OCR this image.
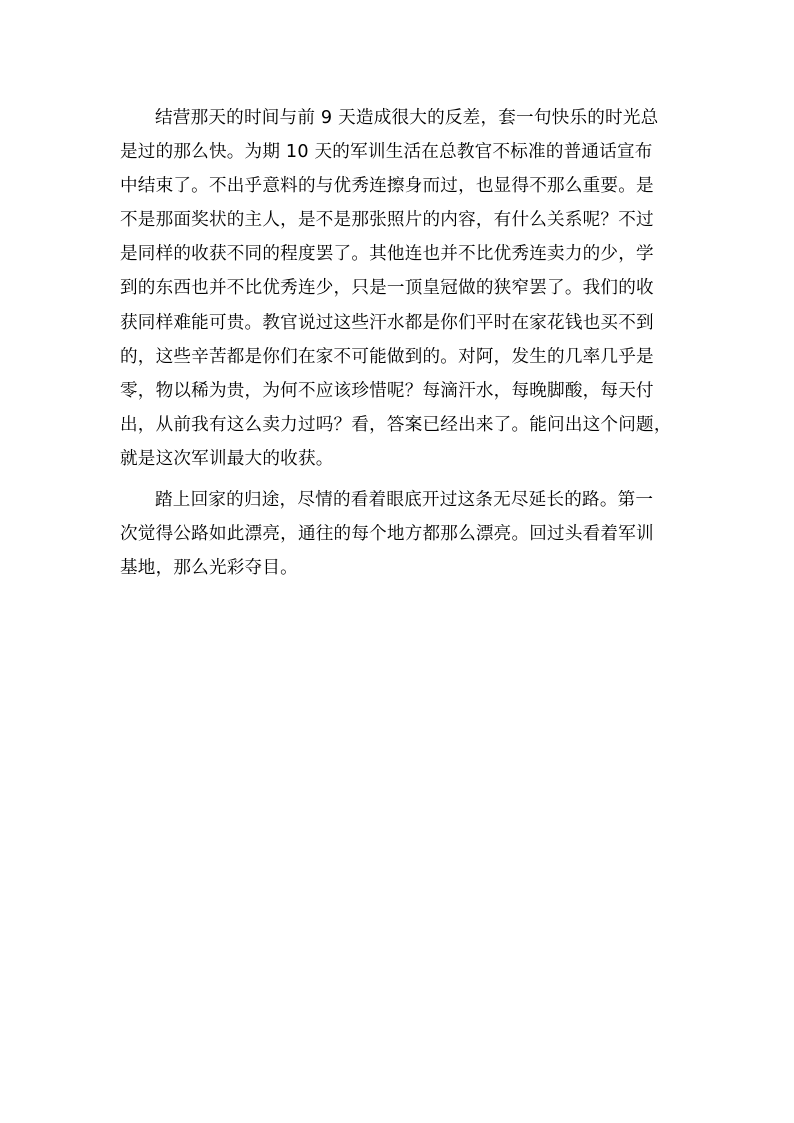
结营那天的时间与前 9 天造成很大的反差，套一句快乐的时光总
是过的那么快。为期 10 天的军训生活在总教官不标准的普通话宣布
中结束了。不出乎意料的与优秀连擦身而过，也显得不那么重要。是
不是那面奖状的主人，是不是那张照片的内容，有什么关系呢？不过
是同样的收获不同的程度罢了。其他连也并不比优秀连卖力的少，学
到的东西也并不比优秀连少，只是一顶皇冠做的狭窄罢了。我们的收
获同样难能可贵。教官说过这些汗水都是你们平时在家花钱也买不到
的，这些辛苦都是你们在家不可能做到的。对阿，发生的几率几乎是
零，物以稀为贵，为何不应该珍惜呢？每滴汗水，每晚脚酸，每天付
出，从前我有这么卖力过吗？看，答案已经出来了。能问出这个问题，
就是这次军训最大的收获。

踏上回家的归途，尽情的看着眼底开过这条无尽延长的路。第一
次觉得公路如此漂亮，通往的每个地方都那么漂亮。回过头看着军训
基地，那么光彩夺目。
